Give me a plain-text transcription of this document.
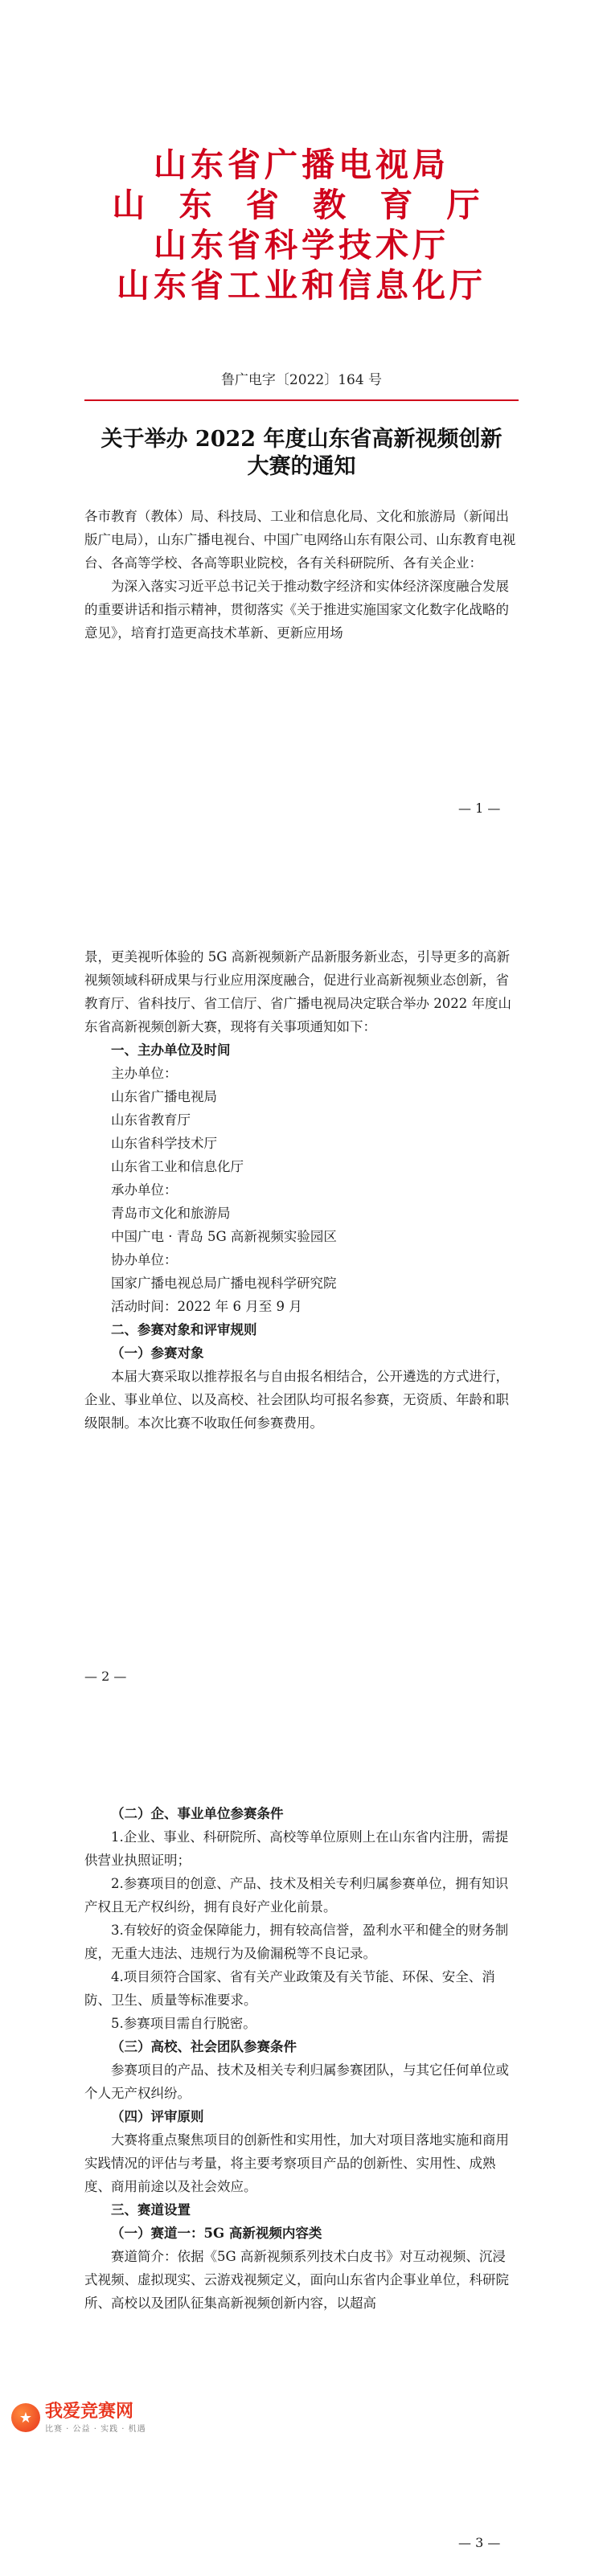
山东省广播电视局
山 东 省 教 育 厅
山东省科学技术厅
山东省工业和信息化厅
鲁广电字〔2022〕164 号
关于举办 2022 年度山东省高新视频创新
大赛的通知

各市教育（教体）局、科技局、工业和信息化局、文化和旅游局（新闻出版广电局），山东广播电视台、中国广电网络山东有限公司、山东教育电视台、各高等学校、各高等职业院校，各有关科研院所、各有关企业：

为深入落实习近平总书记关于推动数字经济和实体经济深度融合发展的重要讲话和指示精神，贯彻落实《关于推进实施国家文化数字化战略的意见》，培育打造更高技术革新、更新应用场

— 1 —

景，更美视听体验的 5G 高新视频新产品新服务新业态，引导更多的高新视频领域科研成果与行业应用深度融合，促进行业高新视频业态创新，省教育厅、省科技厅、省工信厅、省广播电视局决定联合举办 2022 年度山东省高新视频创新大赛，现将有关事项通知如下：

一、主办单位及时间

主办单位：

山东省广播电视局

山东省教育厅

山东省科学技术厅

山东省工业和信息化厅

承办单位：

青岛市文化和旅游局

中国广电 · 青岛 5G 高新视频实验园区

协办单位：

国家广播电视总局广播电视科学研究院

活动时间：2022 年 6 月至 9 月

二、参赛对象和评审规则

（一）参赛对象

本届大赛采取以推荐报名与自由报名相结合，公开遴选的方式进行，企业、事业单位、以及高校、社会团队均可报名参赛，无资质、年龄和职级限制。本次比赛不收取任何参赛费用。

— 2 —

（二）企、事业单位参赛条件

1.企业、事业、科研院所、高校等单位原则上在山东省内注册，需提供营业执照证明；

2.参赛项目的创意、产品、技术及相关专利归属参赛单位，拥有知识产权且无产权纠纷，拥有良好产业化前景。

3.有较好的资金保障能力，拥有较高信誉，盈利水平和健全的财务制度，无重大违法、违规行为及偷漏税等不良记录。

4.项目须符合国家、省有关产业政策及有关节能、环保、安全、消防、卫生、质量等标准要求。

5.参赛项目需自行脱密。

（三）高校、社会团队参赛条件

参赛项目的产品、技术及相关专利归属参赛团队，与其它任何单位或个人无产权纠纷。

（四）评审原则

大赛将重点聚焦项目的创新性和实用性，加大对项目落地实施和商用实践情况的评估与考量，将主要考察项目产品的创新性、实用性、成熟度、商用前途以及社会效应。

三、赛道设置

（一）赛道一：5G 高新视频内容类

赛道简介：依据《5G 高新视频系列技术白皮书》对互动视频、沉浸式视频、虚拟现实、云游戏视频定义，面向山东省内企事业单位，科研院所、高校以及团队征集高新视频创新内容，以超高

— 3 —
★ 我爱竞赛网
比赛 · 公益 · 实践 · 机遇
